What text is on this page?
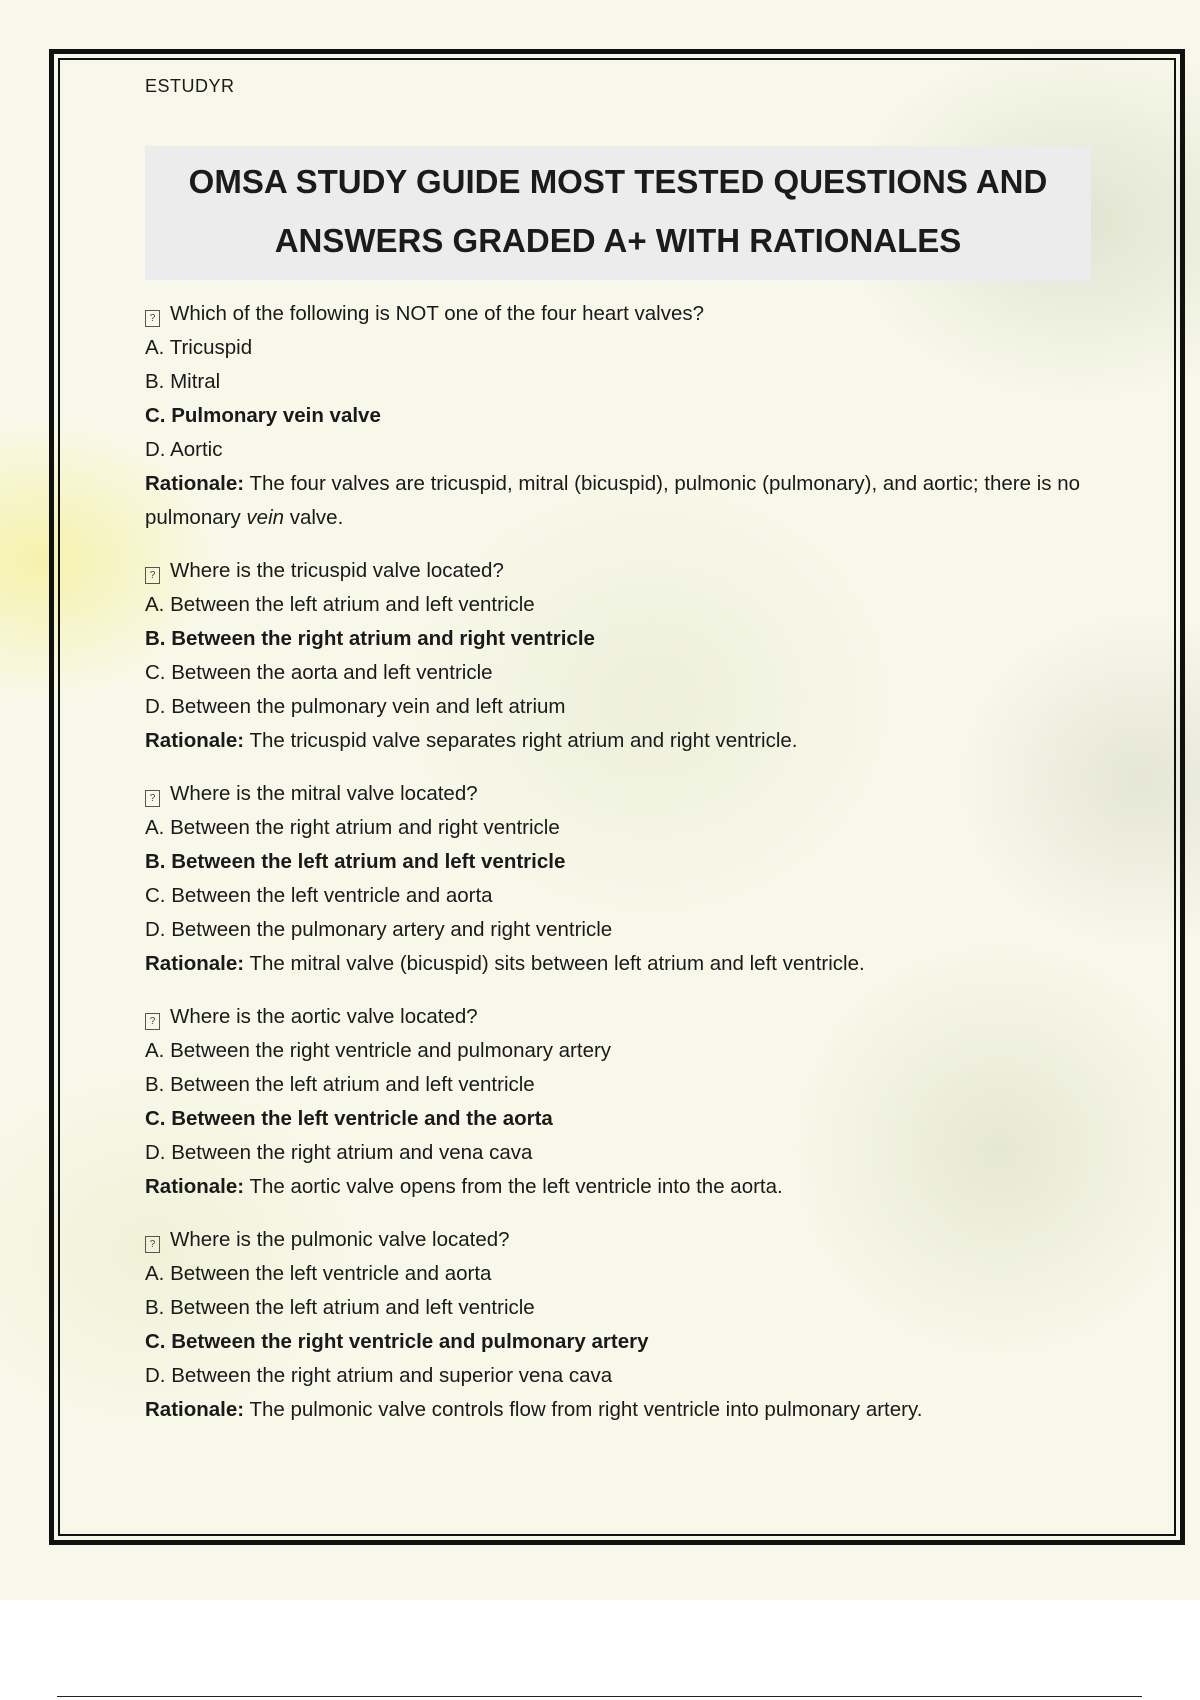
ESTUDYR
OMSA STUDY GUIDE MOST TESTED QUESTIONS AND
ANSWERS GRADED A+ WITH RATIONALES
? Which of the following is NOT one of the four heart valves?
A. Tricuspid
B. Mitral
C. Pulmonary vein valve
D. Aortic
Rationale: The four valves are tricuspid, mitral (bicuspid), pulmonic (pulmonary), and aortic; there is no pulmonary vein valve.
? Where is the tricuspid valve located?
A. Between the left atrium and left ventricle
B. Between the right atrium and right ventricle
C. Between the aorta and left ventricle
D. Between the pulmonary vein and left atrium
Rationale: The tricuspid valve separates right atrium and right ventricle.
? Where is the mitral valve located?
A. Between the right atrium and right ventricle
B. Between the left atrium and left ventricle
C. Between the left ventricle and aorta
D. Between the pulmonary artery and right ventricle
Rationale: The mitral valve (bicuspid) sits between left atrium and left ventricle.
? Where is the aortic valve located?
A. Between the right ventricle and pulmonary artery
B. Between the left atrium and left ventricle
C. Between the left ventricle and the aorta
D. Between the right atrium and vena cava
Rationale: The aortic valve opens from the left ventricle into the aorta.
? Where is the pulmonic valve located?
A. Between the left ventricle and aorta
B. Between the left atrium and left ventricle
C. Between the right ventricle and pulmonary artery
D. Between the right atrium and superior vena cava
Rationale: The pulmonic valve controls flow from right ventricle into pulmonary artery.
